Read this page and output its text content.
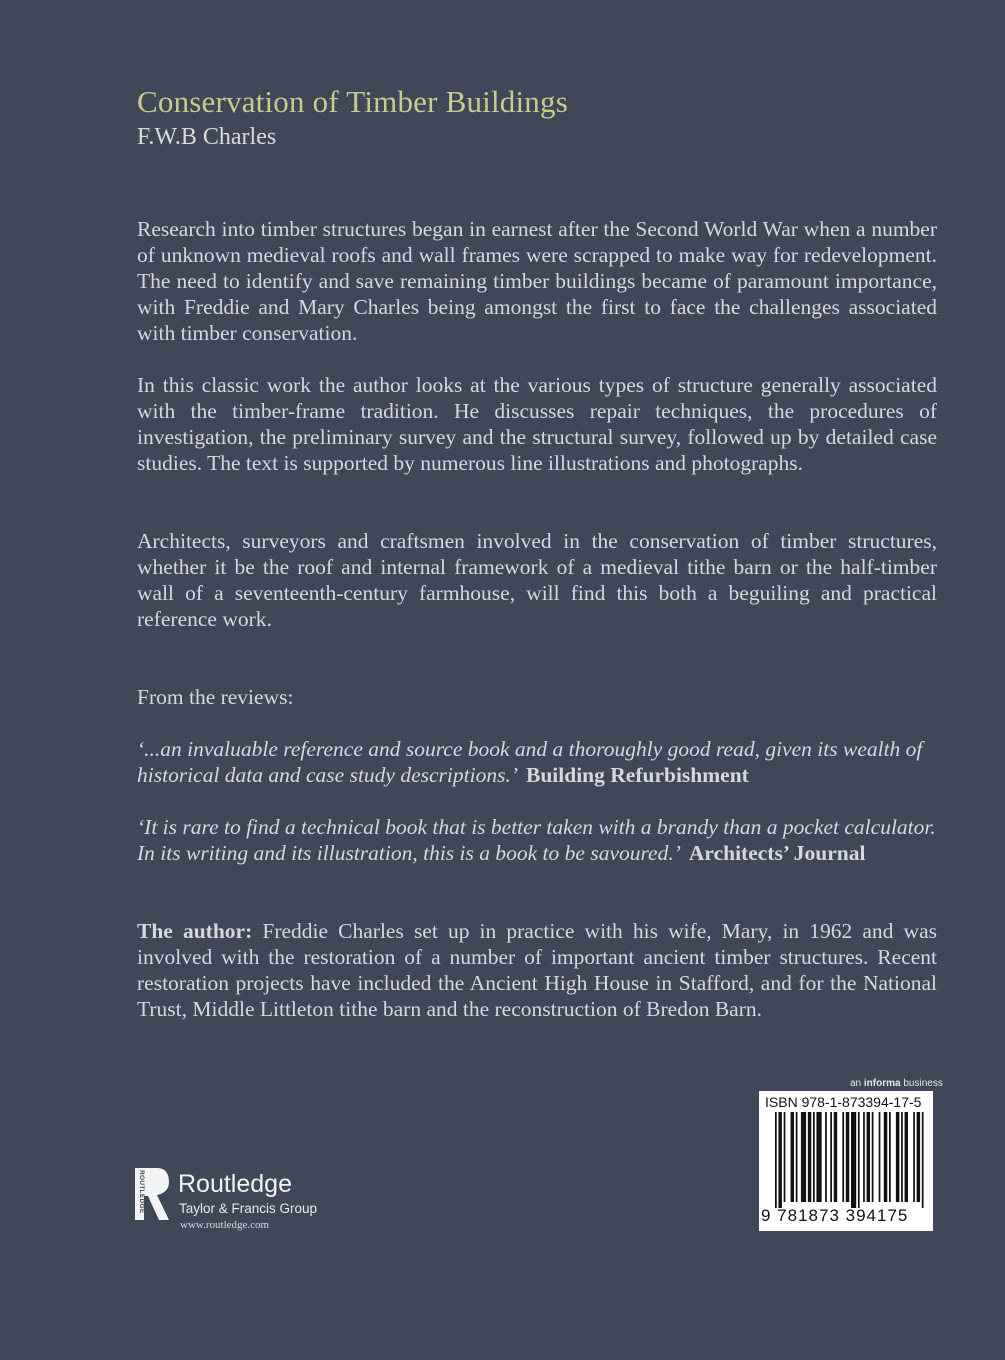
Conservation of Timber Buildings
F.W.B Charles
Research into timber structures began in earnest after the Second World War when a number of unknown medieval roofs and wall frames were scrapped to make way for redevelopment. The need to identify and save remaining timber buildings became of paramount importance, with Freddie and Mary Charles being amongst the first to face the challenges associated with timber conservation.
In this classic work the author looks at the various types of structure generally associated with the timber-frame tradition. He discusses repair techniques, the procedures of investigation, the preliminary survey and the structural survey, followed up by detailed case studies. The text is supported by numerous line illustrations and photographs.
Architects, surveyors and craftsmen involved in the conservation of timber structures, whether it be the roof and internal framework of a medieval tithe barn or the half-timber wall of a seventeenth-century farmhouse, will find this both a beguiling and practical reference work.
From the reviews:
‘...an invaluable reference and source book and a thoroughly good read, given its wealth of historical data and case study descriptions.’ Building Refurbishment
‘It is rare to find a technical book that is better taken with a brandy than a pocket calculator. In its writing and its illustration, this is a book to be savoured.’ Architects’ Journal
The author: Freddie Charles set up in practice with his wife, Mary, in 1962 and was involved with the restoration of a number of important ancient timber structures. Recent restoration projects have included the Ancient High House in Stafford, and for the National Trust, Middle Littleton tithe barn and the reconstruction of Bredon Barn.
an informa business
ISBN 978-1-873394-17-5
9 781873 394175
ROUTLEDGE Routledge
Taylor & Francis Group
www.routledge.com
